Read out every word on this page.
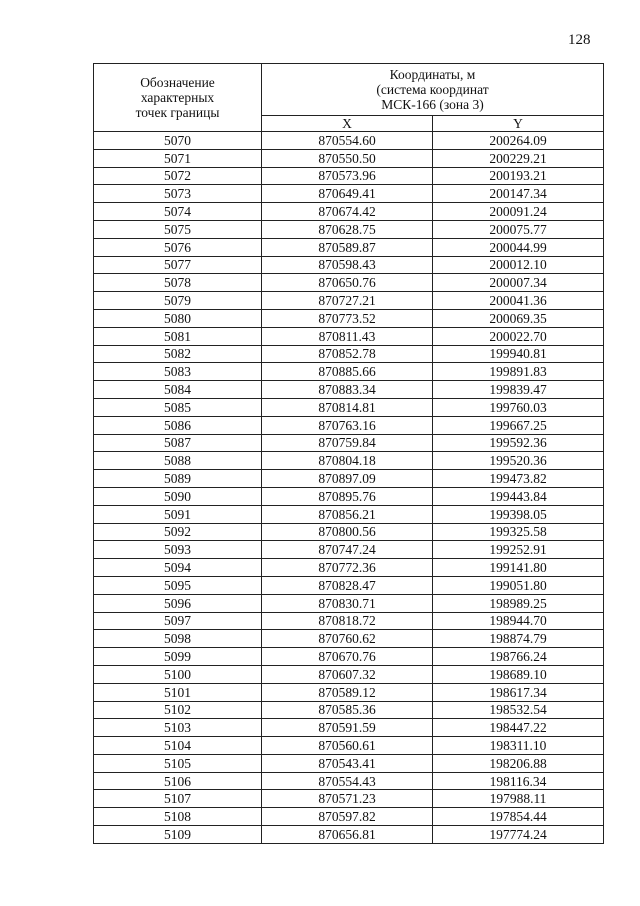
128
Обозначение
характерных
точек границы	Координаты, м
(система координат
МСК-166 (зона 3)	

	X	Y
5070	870554.60	200264.09
5071	870550.50	200229.21
5072	870573.96	200193.21
5073	870649.41	200147.34
5074	870674.42	200091.24
5075	870628.75	200075.77
5076	870589.87	200044.99
5077	870598.43	200012.10
5078	870650.76	200007.34
5079	870727.21	200041.36
5080	870773.52	200069.35
5081	870811.43	200022.70
5082	870852.78	199940.81
5083	870885.66	199891.83
5084	870883.34	199839.47
5085	870814.81	199760.03
5086	870763.16	199667.25
5087	870759.84	199592.36
5088	870804.18	199520.36
5089	870897.09	199473.82
5090	870895.76	199443.84
5091	870856.21	199398.05
5092	870800.56	199325.58
5093	870747.24	199252.91
5094	870772.36	199141.80
5095	870828.47	199051.80
5096	870830.71	198989.25
5097	870818.72	198944.70
5098	870760.62	198874.79
5099	870670.76	198766.24
5100	870607.32	198689.10
5101	870589.12	198617.34
5102	870585.36	198532.54
5103	870591.59	198447.22
5104	870560.61	198311.10
5105	870543.41	198206.88
5106	870554.43	198116.34
5107	870571.23	197988.11
5108	870597.82	197854.44
5109	870656.81	197774.24
